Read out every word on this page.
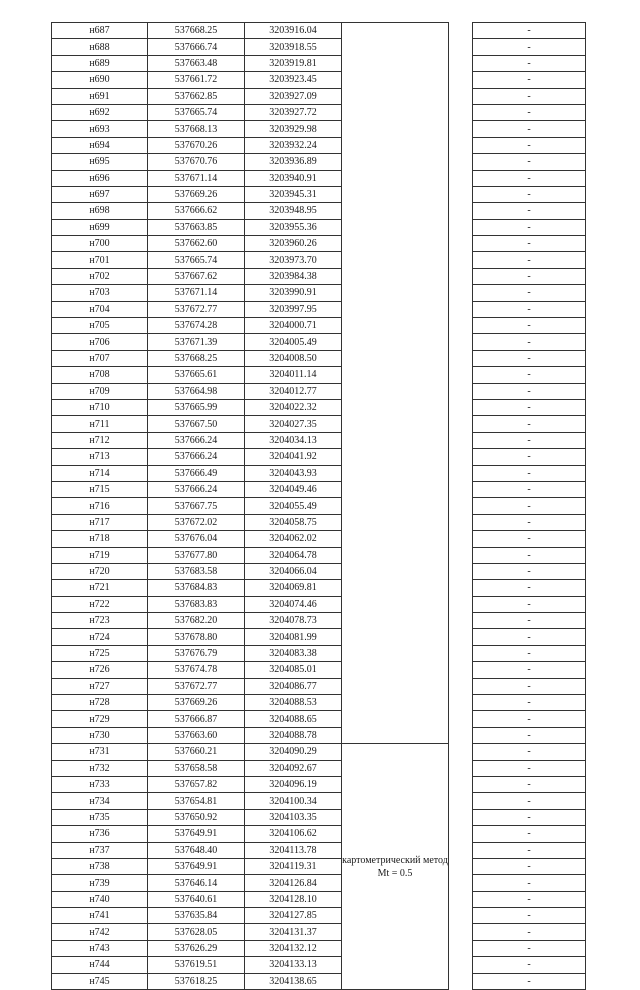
н687	537668.25	3203916.04			-
н688	537666.74	3203918.55			-
н689	537663.48	3203919.81			-
н690	537661.72	3203923.45			-
н691	537662.85	3203927.09			-
н692	537665.74	3203927.72			-
н693	537668.13	3203929.98			-
н694	537670.26	3203932.24			-
н695	537670.76	3203936.89			-
н696	537671.14	3203940.91			-
н697	537669.26	3203945.31			-
н698	537666.62	3203948.95			-
н699	537663.85	3203955.36			-
н700	537662.60	3203960.26			-
н701	537665.74	3203973.70			-
н702	537667.62	3203984.38			-
н703	537671.14	3203990.91			-
н704	537672.77	3203997.95			-
н705	537674.28	3204000.71			-
н706	537671.39	3204005.49			-
н707	537668.25	3204008.50			-
н708	537665.61	3204011.14			-
н709	537664.98	3204012.77			-
н710	537665.99	3204022.32			-
н711	537667.50	3204027.35			-
н712	537666.24	3204034.13			-
н713	537666.24	3204041.92			-
н714	537666.49	3204043.93			-
н715	537666.24	3204049.46			-
н716	537667.75	3204055.49			-
н717	537672.02	3204058.75			-
н718	537676.04	3204062.02			-
н719	537677.80	3204064.78			-
н720	537683.58	3204066.04			-
н721	537684.83	3204069.81			-
н722	537683.83	3204074.46			-
н723	537682.20	3204078.73			-
н724	537678.80	3204081.99			-
н725	537676.79	3204083.38			-
н726	537674.78	3204085.01			-
н727	537672.77	3204086.77			-
н728	537669.26	3204088.53			-
н729	537666.87	3204088.65			-
н730	537663.60	3204088.78			-
н731	537660.21	3204090.29	картометрический метод Mt = 0.5		-
н732	537658.58	3204092.67			-
н733	537657.82	3204096.19			-
н734	537654.81	3204100.34			-
н735	537650.92	3204103.35			-
н736	537649.91	3204106.62			-
н737	537648.40	3204113.78			-
н738	537649.91	3204119.31			-
н739	537646.14	3204126.84			-
н740	537640.61	3204128.10			-
н741	537635.84	3204127.85			-
н742	537628.05	3204131.37			-
н743	537626.29	3204132.12			-
н744	537619.51	3204133.13			-
н745	537618.25	3204138.65			-
